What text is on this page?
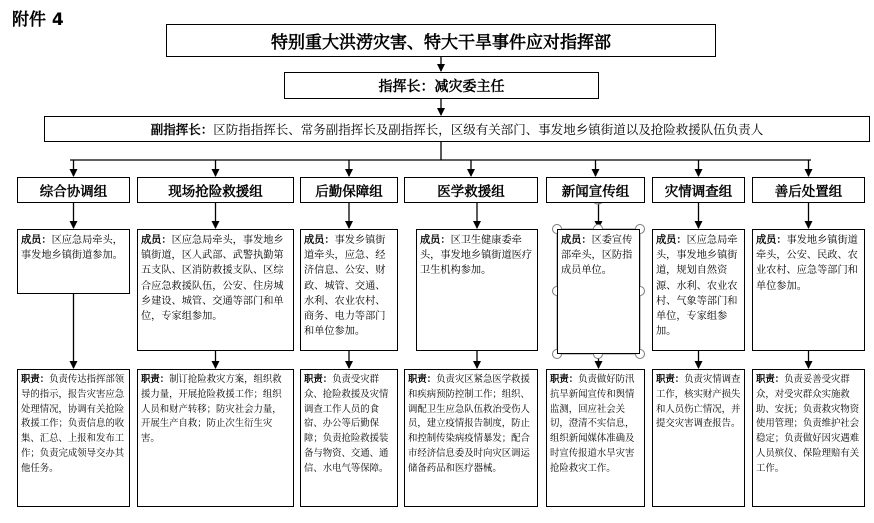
附件 4
特别重大洪涝灾害、特大干旱事件应对指挥部
指挥长：减灾委主任
副指挥长： 区防指指挥长、常务副指挥长及副指挥长，区级有关部门、事发地乡镇街道以及抢险救援队伍负责人
综合协调组
成员：区应急局牵头，事发地乡镇街道参加。
职责：负责传达指挥部领导的指示，报告灾害应急处理情况，协调有关抢险救援工作；负责信息的收集、汇总、上报和发布工作；负责完成领导交办其他任务。
现场抢险救援组
成员：区应急局牵头，事发地乡镇街道，区人武部、武警执勤第五支队、区消防救援支队、区综合应急救援队伍，公安、住房城乡建设、城管、交通等部门和单位，专家组参加。
职责：制订抢险救灾方案，组织救援力量，开展抢险救援工作；组织人员和财产转移；防灾社会力量，开展生产自救；防止次生衍生灾害。
后勤保障组
成员：事发乡镇街道牵头，应急、经济信息、公安、财政、城管、交通、水利、农业农村、商务、电力等部门和单位参加。
职责：负责受灾群众、抢险救援及灾情调查工作人员的食宿、办公等后勤保障；负责抢险救援装备与物资、交通、通信、水电气等保障。
医学救援组
成员：区卫生健康委牵头，事发地乡镇街道医疗卫生机构参加。
职责：负责灾区紧急医学救援和疾病预防控制工作；组织、调配卫生应急队伍救治受伤人员，建立疫情报告制度，防止和控制传染病疫情暴发；配合市经济信息委及时向灾区调运储备药品和医疗器械。
新闻宣传组
成员：区委宣传部牵头，区防指成员单位。
职责：负责做好防汛抗旱新闻宣传和舆情监测，回应社会关切，澄清不实信息，组织新闻媒体准确及时宣传报道水旱灾害抢险救灾工作。
灾情调查组
成员：区应急局牵头，事发地乡镇街道，规划自然资源、水利、农业农村、气象等部门和单位，专家组参加。
职责：负责灾情调查工作，核实财产损失和人员伤亡情况，并提交灾害调查报告。
善后处置组
成员：事发地乡镇街道牵头，公安、民政、农业农村、应急等部门和单位参加。
职责：负责妥善受灾群众，对受灾群众实施救助、安抚；负责救灾物资使用管理；负责维护社会稳定；负责做好因灾遇难人员殡仪、保险理赔有关工作。
